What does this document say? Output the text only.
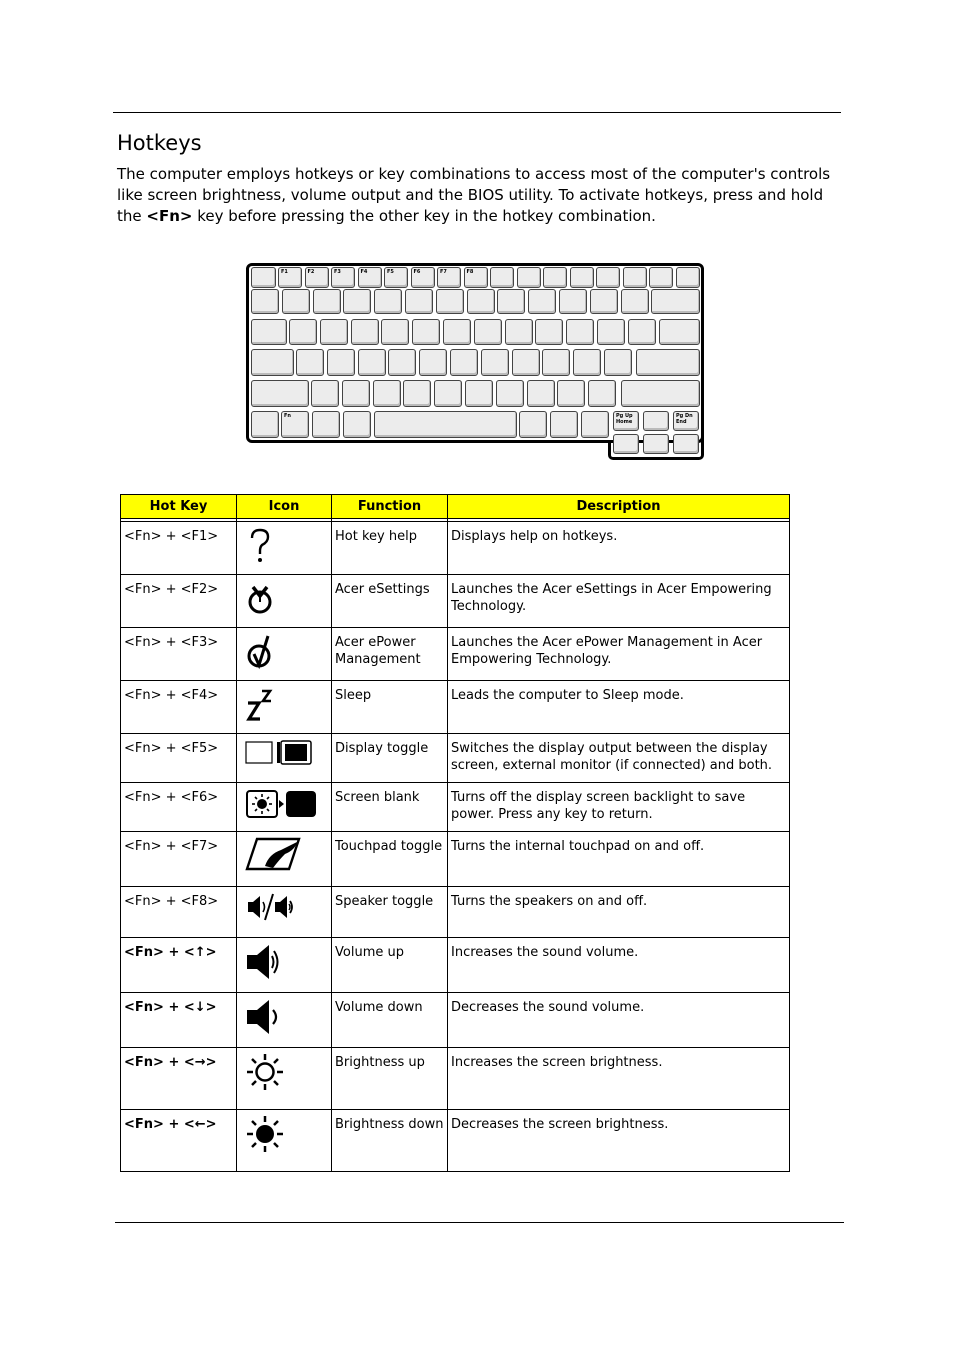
Hotkeys

The computer employs hotkeys or key combinations to access most of the computer's controls like screen brightness, volume output and the BIOS utility. To activate hotkeys, press and hold the <Fn> key before pressing the other key in the hotkey combination.

F1	F2	F3	F4	F5	F6	F7	F8
Fn	Pg Up
Home
Pg Dn
End
Hot Key	Icon	Function	Description

<Fn> + <F1>		Hot key help	Displays help on hotkeys.
<Fn> + <F2>		Acer eSettings	Launches the Acer eSettings in Acer Empowering Technology.
<Fn> + <F3>		Acer ePower Management	Launches the Acer ePower Management in Acer Empowering Technology.
<Fn> + <F4>		Sleep	Leads the computer to Sleep mode.
<Fn> + <F5>		Display toggle	Switches the display output between the display screen, external monitor (if connected) and both.
<Fn> + <F6>		Screen blank	Turns off the display screen backlight to save power. Press any key to return.
<Fn> + <F7>		Touchpad toggle	Turns the internal touchpad on and off.
<Fn> + <F8>		Speaker toggle	Turns the speakers on and off.
<Fn> + <↑>		Volume up	Increases the sound volume.
<Fn> + <↓>		Volume down	Decreases the sound volume.
<Fn> + <→>		Brightness up	Increases the screen brightness.
<Fn> + <←>		Brightness down	Decreases the screen brightness.
